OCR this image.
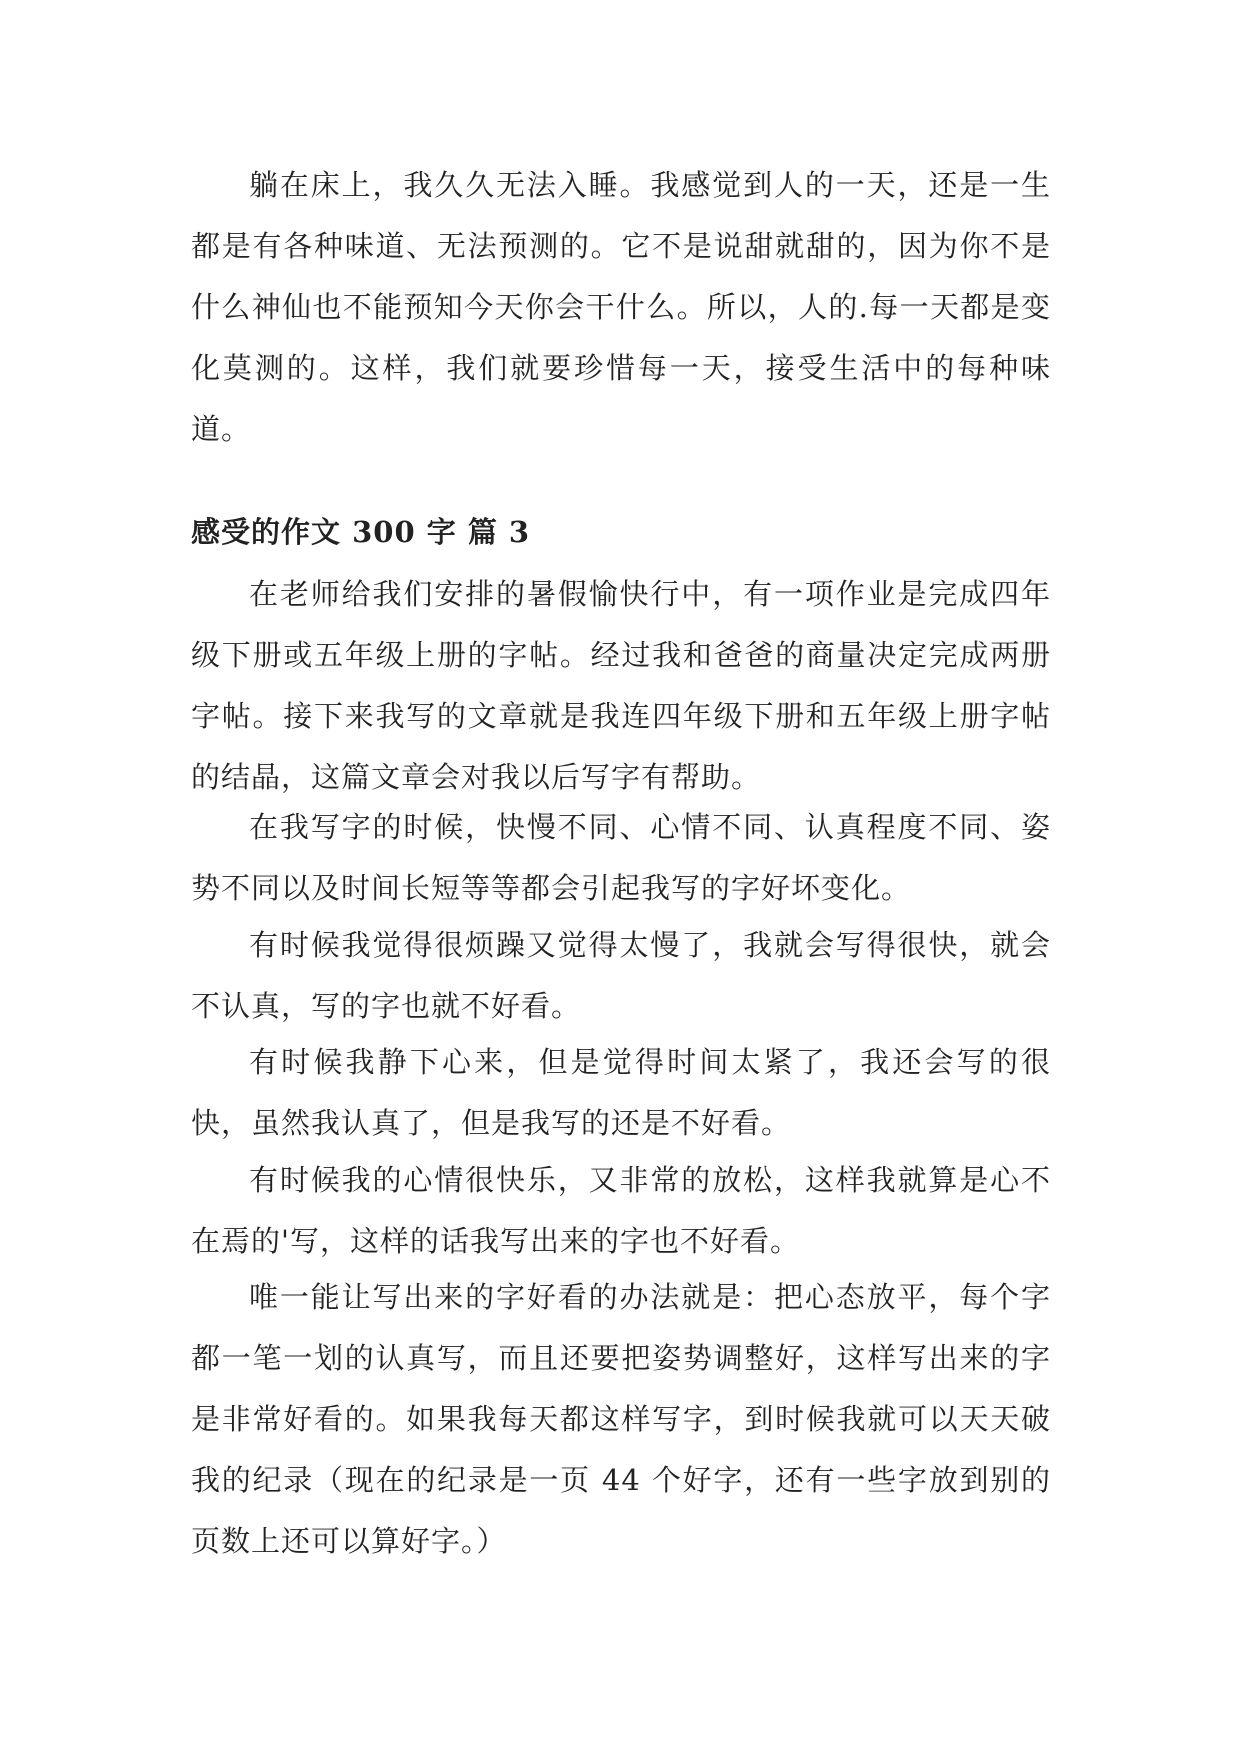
躺在床上，我久久无法入睡。我感觉到人的一天，还是一生都是有各种味道、无法预测的。它不是说甜就甜的，因为你不是什么神仙也不能预知今天你会干什么。所以，人的.每一天都是变化莫测的。这样，我们就要珍惜每一天，接受生活中的每种味道。

感受的作文 300 字 篇 3

在老师给我们安排的暑假愉快行中，有一项作业是完成四年级下册或五年级上册的字帖。经过我和爸爸的商量决定完成两册字帖。接下来我写的文章就是我连四年级下册和五年级上册字帖的结晶，这篇文章会对我以后写字有帮助。

在我写字的时候，快慢不同、心情不同、认真程度不同、姿势不同以及时间长短等等都会引起我写的字好坏变化。

有时候我觉得很烦躁又觉得太慢了，我就会写得很快，就会不认真，写的字也就不好看。

有时候我静下心来，但是觉得时间太紧了，我还会写的很快，虽然我认真了，但是我写的还是不好看。

有时候我的心情很快乐，又非常的放松，这样我就算是心不在焉的'写，这样的话我写出来的字也不好看。

唯一能让写出来的字好看的办法就是：把心态放平，每个字都一笔一划的认真写，而且还要把姿势调整好，这样写出来的字是非常好看的。如果我每天都这样写字，到时候我就可以天天破我的纪录（现在的纪录是一页 44 个好字，还有一些字放到别的页数上还可以算好字。）
